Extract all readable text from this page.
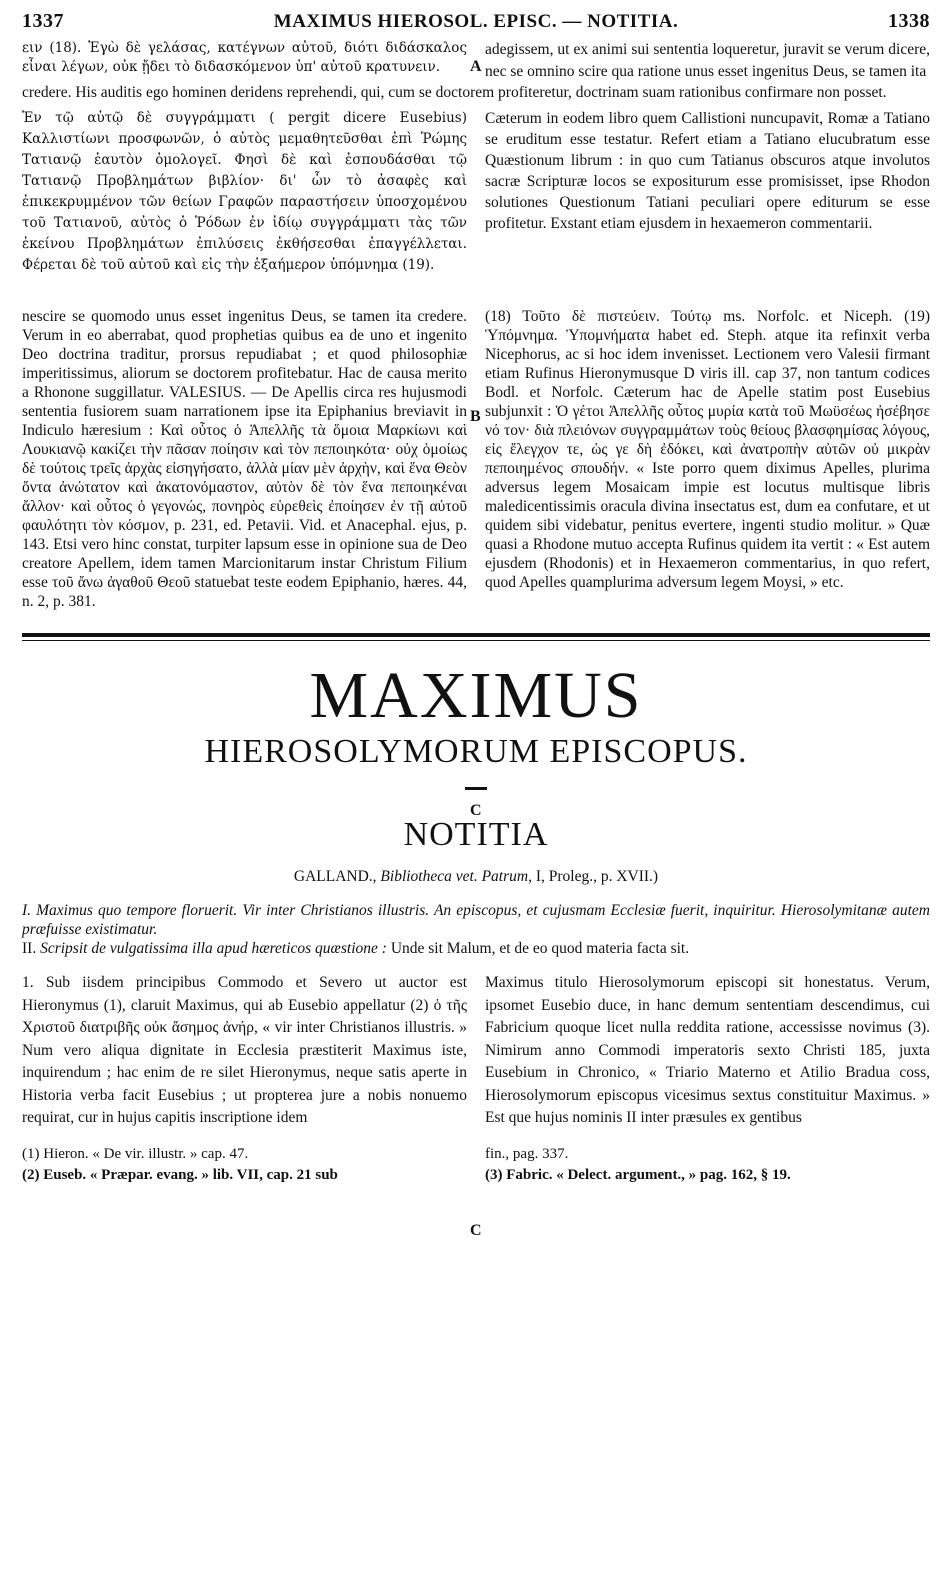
1337	MAXIMUS HIEROSOL. EPISC. — NOTITIA.	1338

ειν (18). Ἐγὼ δὲ γελάσας, κατέγνων αὐτοῦ, διότι διδάσκαλος εἶναι λέγων, οὐκ ᾔδει τὸ διδασκόμενον ὑπ' αὐτοῦ κρατυνειν.

adegissem, ut ex animi sui sententia loqueretur, juravit se verum dicere, nec se omnino scire qua ratione unus esset ingenitus Deus, se tamen ita

credere. His auditis ego hominen deridens reprehendi, qui, cum se doctorem profiteretur, doctrinam suam rationibus confirmare non posset.

Ἐν τῷ αὐτῷ δὲ συγγράμματι ( pergit dicere Eusebius) Καλλιστίωνι προσφωνῶν, ὁ αὐτὸς μεμαθητεῦσθαι ἐπὶ Ῥώμης Τατιανῷ ἑαυτὸν ὁμολογεῖ. Φησὶ δὲ καὶ ἐσπουδάσθαι τῷ Τατιανῷ Προβλημάτων βιβλίον· δι' ὧν τὸ ἀσαφὲς καὶ ἐπικεκρυμμένον τῶν θείων Γραφῶν παραστήσειν ὑποσχομένου τοῦ Τατιανοῦ, αὐτὸς ὁ Ῥόδων ἐν ἰδίῳ συγγράμματι τὰς τῶν ἐκείνου Προβλημάτων ἐπιλύσεις ἐκθήσεσθαι ἐπαγγέλλεται. Φέρεται δὲ τοῦ αὐτοῦ καὶ εἰς τὴν ἑξαήμερον ὑπόμνημα (19).

Cæterum in eodem libro quem Callistioni nuncupavit, Romæ a Tatiano se eruditum esse testatur. Refert etiam a Tatiano elucubratum esse Quæstionum librum : in quo cum Tatianus obscuros atque involutos sacræ Scripturæ locos se expositurum esse promisisset, ipse Rhodon solutiones Questionum Tatiani peculiari opere editurum se esse profitetur. Exstant etiam ejusdem in hexaemeron commentarii.

nescire se quomodo unus esset ingenitus Deus, se tamen ita credere. Verum in eo aberrabat, quod prophetias quibus ea de uno et ingenito Deo doctrina traditur, prorsus repudiabat ; et quod philosophiæ imperitissimus, aliorum se doctorem profitebatur. Hac de causa merito a Rhonone suggillatur. VALESIUS. — De Apellis circa res hujusmodi sententia fusiorem suam narrationem ipse ita Epiphanius breviavit in Indiculo hæresium : Καὶ οὗτος ὁ Ἀπελλῆς τὰ ὅμοια Μαρκίωνι καὶ Λουκιανῷ κακίζει τὴν πᾶσαν ποίησιν καὶ τὸν πεποιηκότα· οὐχ ὁμοίως δὲ τούτοις τρεῖς ἀρχὰς εἰσηγήσατο, ἀλλὰ μίαν μὲν ἀρχὴν, καὶ ἕνα Θεὸν ὄντα ἀνώτατον καὶ ἀκατονόμαστον, αὐτὸν δὲ τὸν ἕνα πεποιηκέναι ἄλλον· καὶ οὗτος ὁ γεγονώς, πονηρὸς εὑρεθεὶς ἐποίησεν ἐν τῇ αὐτοῦ φαυλότητι τὸν κόσμον, p. 231, ed. Petavii. Vid. et Anacephal. ejus, p. 143. Etsi vero hinc constat, turpiter lapsum esse in opinione sua de Deo creatore Apellem, idem tamen Marcionitarum instar Christum Filium esse τοῦ ἄνω ἀγαθοῦ Θεοῦ statuebat teste eodem Epiphanio, hæres. 44, n. 2, p. 381.

(18) Τοῦτο δὲ πιστεύειν. Τούτῳ ms. Norfolc. et Niceph. (19) Ὑπόμνημα. Ὑπομνήματα habet ed. Steph. atque ita refinxit verba Nicephorus, ac si hoc idem invenisset. Lectionem vero Valesii firmant etiam Rufinus Hieronymusque D viris ill. cap 37, non tantum codices Bodl. et Norfolc. Cæterum hac de Apelle statim post Eusebius subjunxit : Ὁ γέτοι Ἀπελλῆς οὗτος μυρία κατὰ τοῦ Μωϋσέως ἠσέβησε νό τον· διὰ πλειόνων συγγραμμάτων τοὺς θείους βλασφημίσας λόγους, εἰς ἔλεγχον τε, ὡς γε δὴ ἐδόκει, καὶ ἀνατροπὴν αὐτῶν οὐ μικρὰν πεποιημένος σπουδήν. « Iste porro quem diximus Apelles, plurima adversus legem Mosaicam impie est locutus multisque libris maledicentissimis oracula divina insectatus est, dum ea confutare, et ut quidem sibi videbatur, penitus evertere, ingenti studio molitur. » Quæ quasi a Rhodone mutuo accepta Rufinus quidem ita vertit : « Est autem ejusdem (Rhodonis) et in Hexaemeron commentarius, in quo refert, quod Apelles quamplurima adversum legem Moysi, » etc.

MAXIMUS

HIEROSOLYMORUM EPISCOPUS.

NOTITIA

GALLAND., Bibliotheca vet. Patrum, I, Proleg., p. XVII.)

I. Maximus quo tempore floruerit. Vir inter Christianos illustris. An episcopus, et cujusmam Ecclesiæ fuerit, inquiritur. Hierosolymitanæ autem præfuisse existimatur.

II. Scripsit de vulgatissima illa apud hæreticos quæstione : Unde sit Malum, et de eo quod materia facta sit.

1. Sub iisdem principibus Commodo et Severo ut auctor est Hieronymus (1), claruit Maximus, qui ab Eusebio appellatur (2) ὁ τῆς Χριστοῦ διατριβῆς οὐκ ἄσημος ἀνήρ, « vir inter Christianos illustris. » Num vero aliqua dignitate in Ecclesia præstiterit Maximus iste, inquirendum ; hac enim de re silet Hieronymus, neque satis aperte in Historia verba facit Eusebius ; ut propterea jure a nobis nonuemo requirat, cur in hujus capitis inscriptione idem

Maximus titulo Hierosolymorum episcopi sit honestatus. Verum, ipsomet Eusebio duce, in hanc demum sententiam descendimus, cui Fabricium quoque licet nulla reddita ratione, accessisse novimus (3). Nimirum anno Commodi imperatoris sexto Christi 185, juxta Eusebium in Chronico, « Triario Materno et Atilio Bradua coss, Hierosolymorum episcopus vicesimus sextus constituitur Maximus. » Est que hujus nominis II inter præsules ex gentibus

(1) Hieron. « De vir. illustr. » cap. 47.
(2) Euseb. « Præpar. evang. » lib. VII, cap. 21 sub
fin., pag. 337.
(3) Fabric. « Delect. argument., » pag. 162, § 19.
A
B
C
C
